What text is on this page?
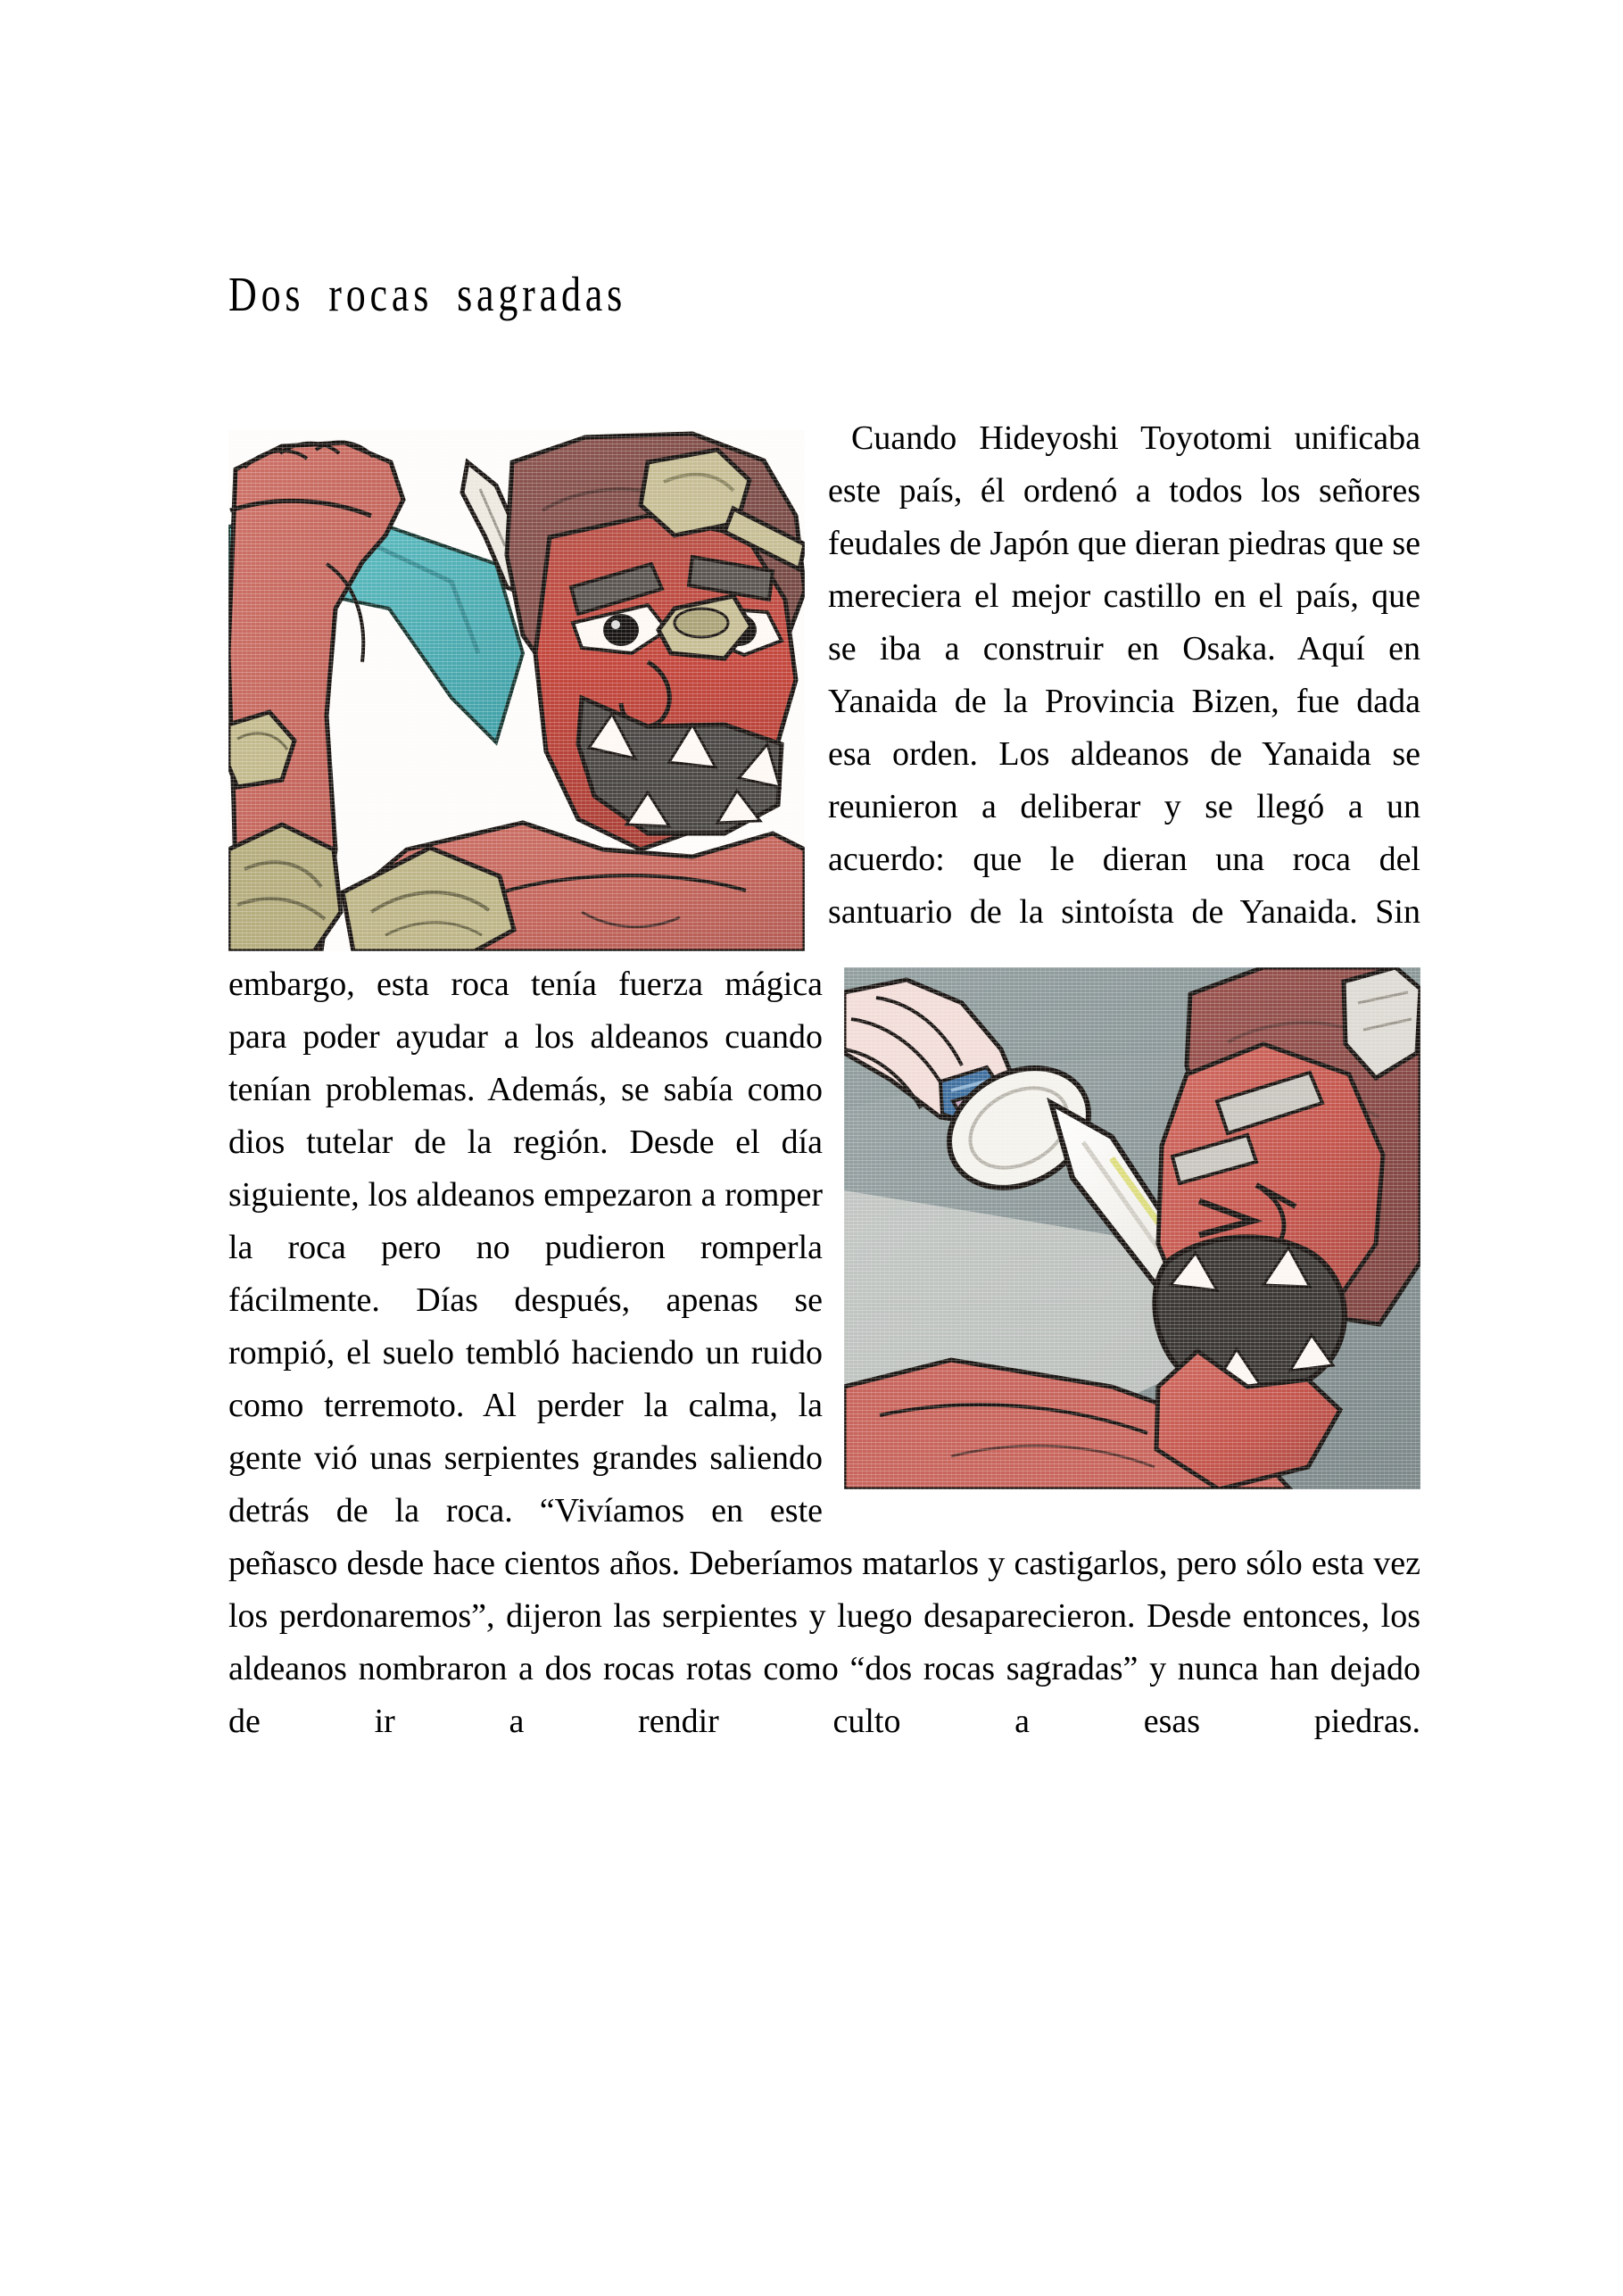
Dos rocas sagradas

Cuando Hideyoshi Toyotomi unificaba este país, él ordenó a todos los señores feudales de Japón que dieran piedras que se mereciera el mejor castillo en el país, que se iba a construir en Osaka. Aquí en Yanaida de la Provincia Bizen, fue dada esa orden. Los aldeanos de Yanaida se reunieron a deliberar y se llegó a un acuerdo: que le dieran una roca del santuario de la sintoísta de Yanaida. Sin embargo, esta roca tenía fuerza mágica para poder ayudar a los aldeanos cuando tenían problemas. Además, se sabía como dios tutelar de la región. Desde el día siguiente, los aldeanos empezaron a romper la roca pero no pudieron romperla fácilmente. Días después, apenas se rompió, el suelo tembló haciendo un ruido como terremoto. Al perder la calma, la gente vió unas serpientes grandes saliendo detrás de la roca. “Vivíamos en este peñasco desde hace cientos años. Deberíamos matarlos y castigarlos, pero sólo esta vez los perdonaremos”, dijeron las serpientes y luego desaparecieron. Desde entonces, los aldeanos nombraron a dos rocas rotas como “dos rocas sagradas” y nunca han dejado de ir a rendir culto a esas piedras.
